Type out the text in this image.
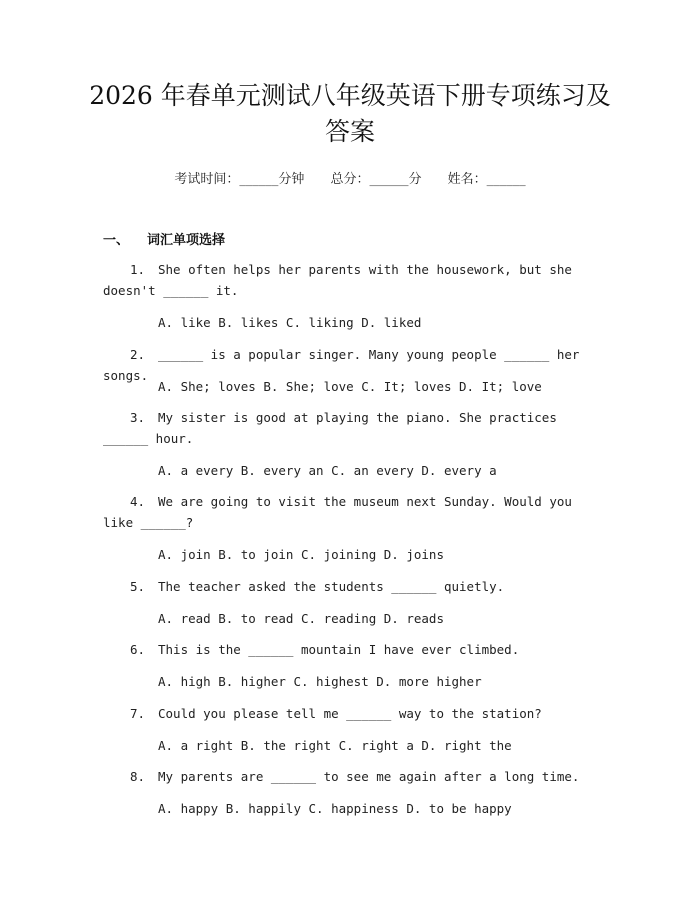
2026 年春单元测试八年级英语下册专项练习及答案
考试时间：______分钟 总分：______分 姓名：______
一、 词汇单项选择
1. She often helps her parents with the housework, but she doesn't ______ it.
A. like B. likes C. liking D. liked
2. ______ is a popular singer. Many young people ______ her songs.
A. She; loves B. She; love C. It; loves D. It; love
3. My sister is good at playing the piano. She practices ______ hour.
A. a every B. every an C. an every D. every a
4. We are going to visit the museum next Sunday. Would you like ______?
A. join B. to join C. joining D. joins
5. The teacher asked the students ______ quietly.
A. read B. to read C. reading D. reads
6. This is the ______ mountain I have ever climbed.
A. high B. higher C. highest D. more higher
7. Could you please tell me ______ way to the station?
A. a right B. the right C. right a D. right the
8. My parents are ______ to see me again after a long time.
A. happy B. happily C. happiness D. to be happy
